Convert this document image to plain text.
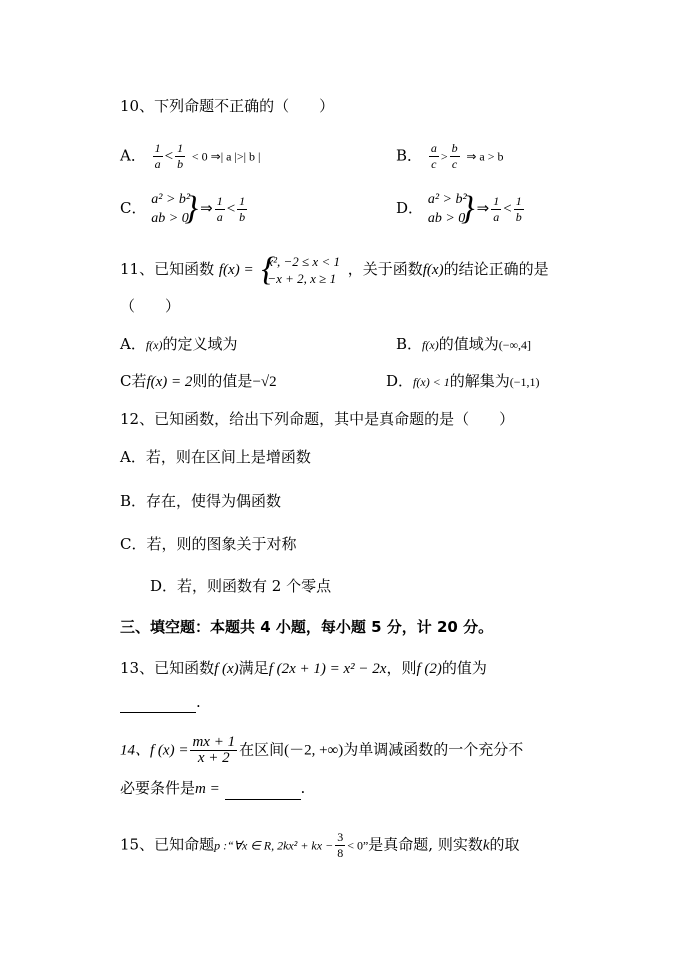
10、下列命题不正确的（　　）
A． $\frac{1}{a} < \frac{1}{b} < 0$ ⇒| a |>| b |	B． $\frac{a}{c} > \frac{b}{c}$ ⇒ a > b
C． a² > b²
ab > 0
} ⇒ $\frac{1}{a} < \frac{1}{b}$	D． a² > b²
ab > 0
} ⇒ $\frac{1}{a} < \frac{1}{b}$
11、已知函数 f(x) = {
x², −2 ≤ x < 1
−x + 2, x ≥ 1
，关于函数f(x)的结论正确的是
（　　）
A．f(x)的定义域为	B．f(x)的值域为(−∞,4]
C若f(x) = 2则的值是−√2	D．f(x) < 1的解集为(−1,1)
12、已知函数，给出下列命题，其中是真命题的是（　　）
A．若，则在区间上是增函数
B．存在，使得为偶函数
C．若，则的图象关于对称
D．若，则函数有 2 个零点
三、填空题：本题共 4 小题，每小题 5 分，计 20 分。
13、已知函数f (x)满足f (2x + 1) = x² − 2x，则f (2)的值为
.
14、f $(x) = \frac{mx + 1}{x + 2}$ 在区间(－2, +∞)为单调减函数的一个充分不
必要条件是m =	.
15、已知命题p :“∀x ∈ R, 2kx² + kx − $\frac{3}{8} < 0$”是真命题, 则实数k的取
